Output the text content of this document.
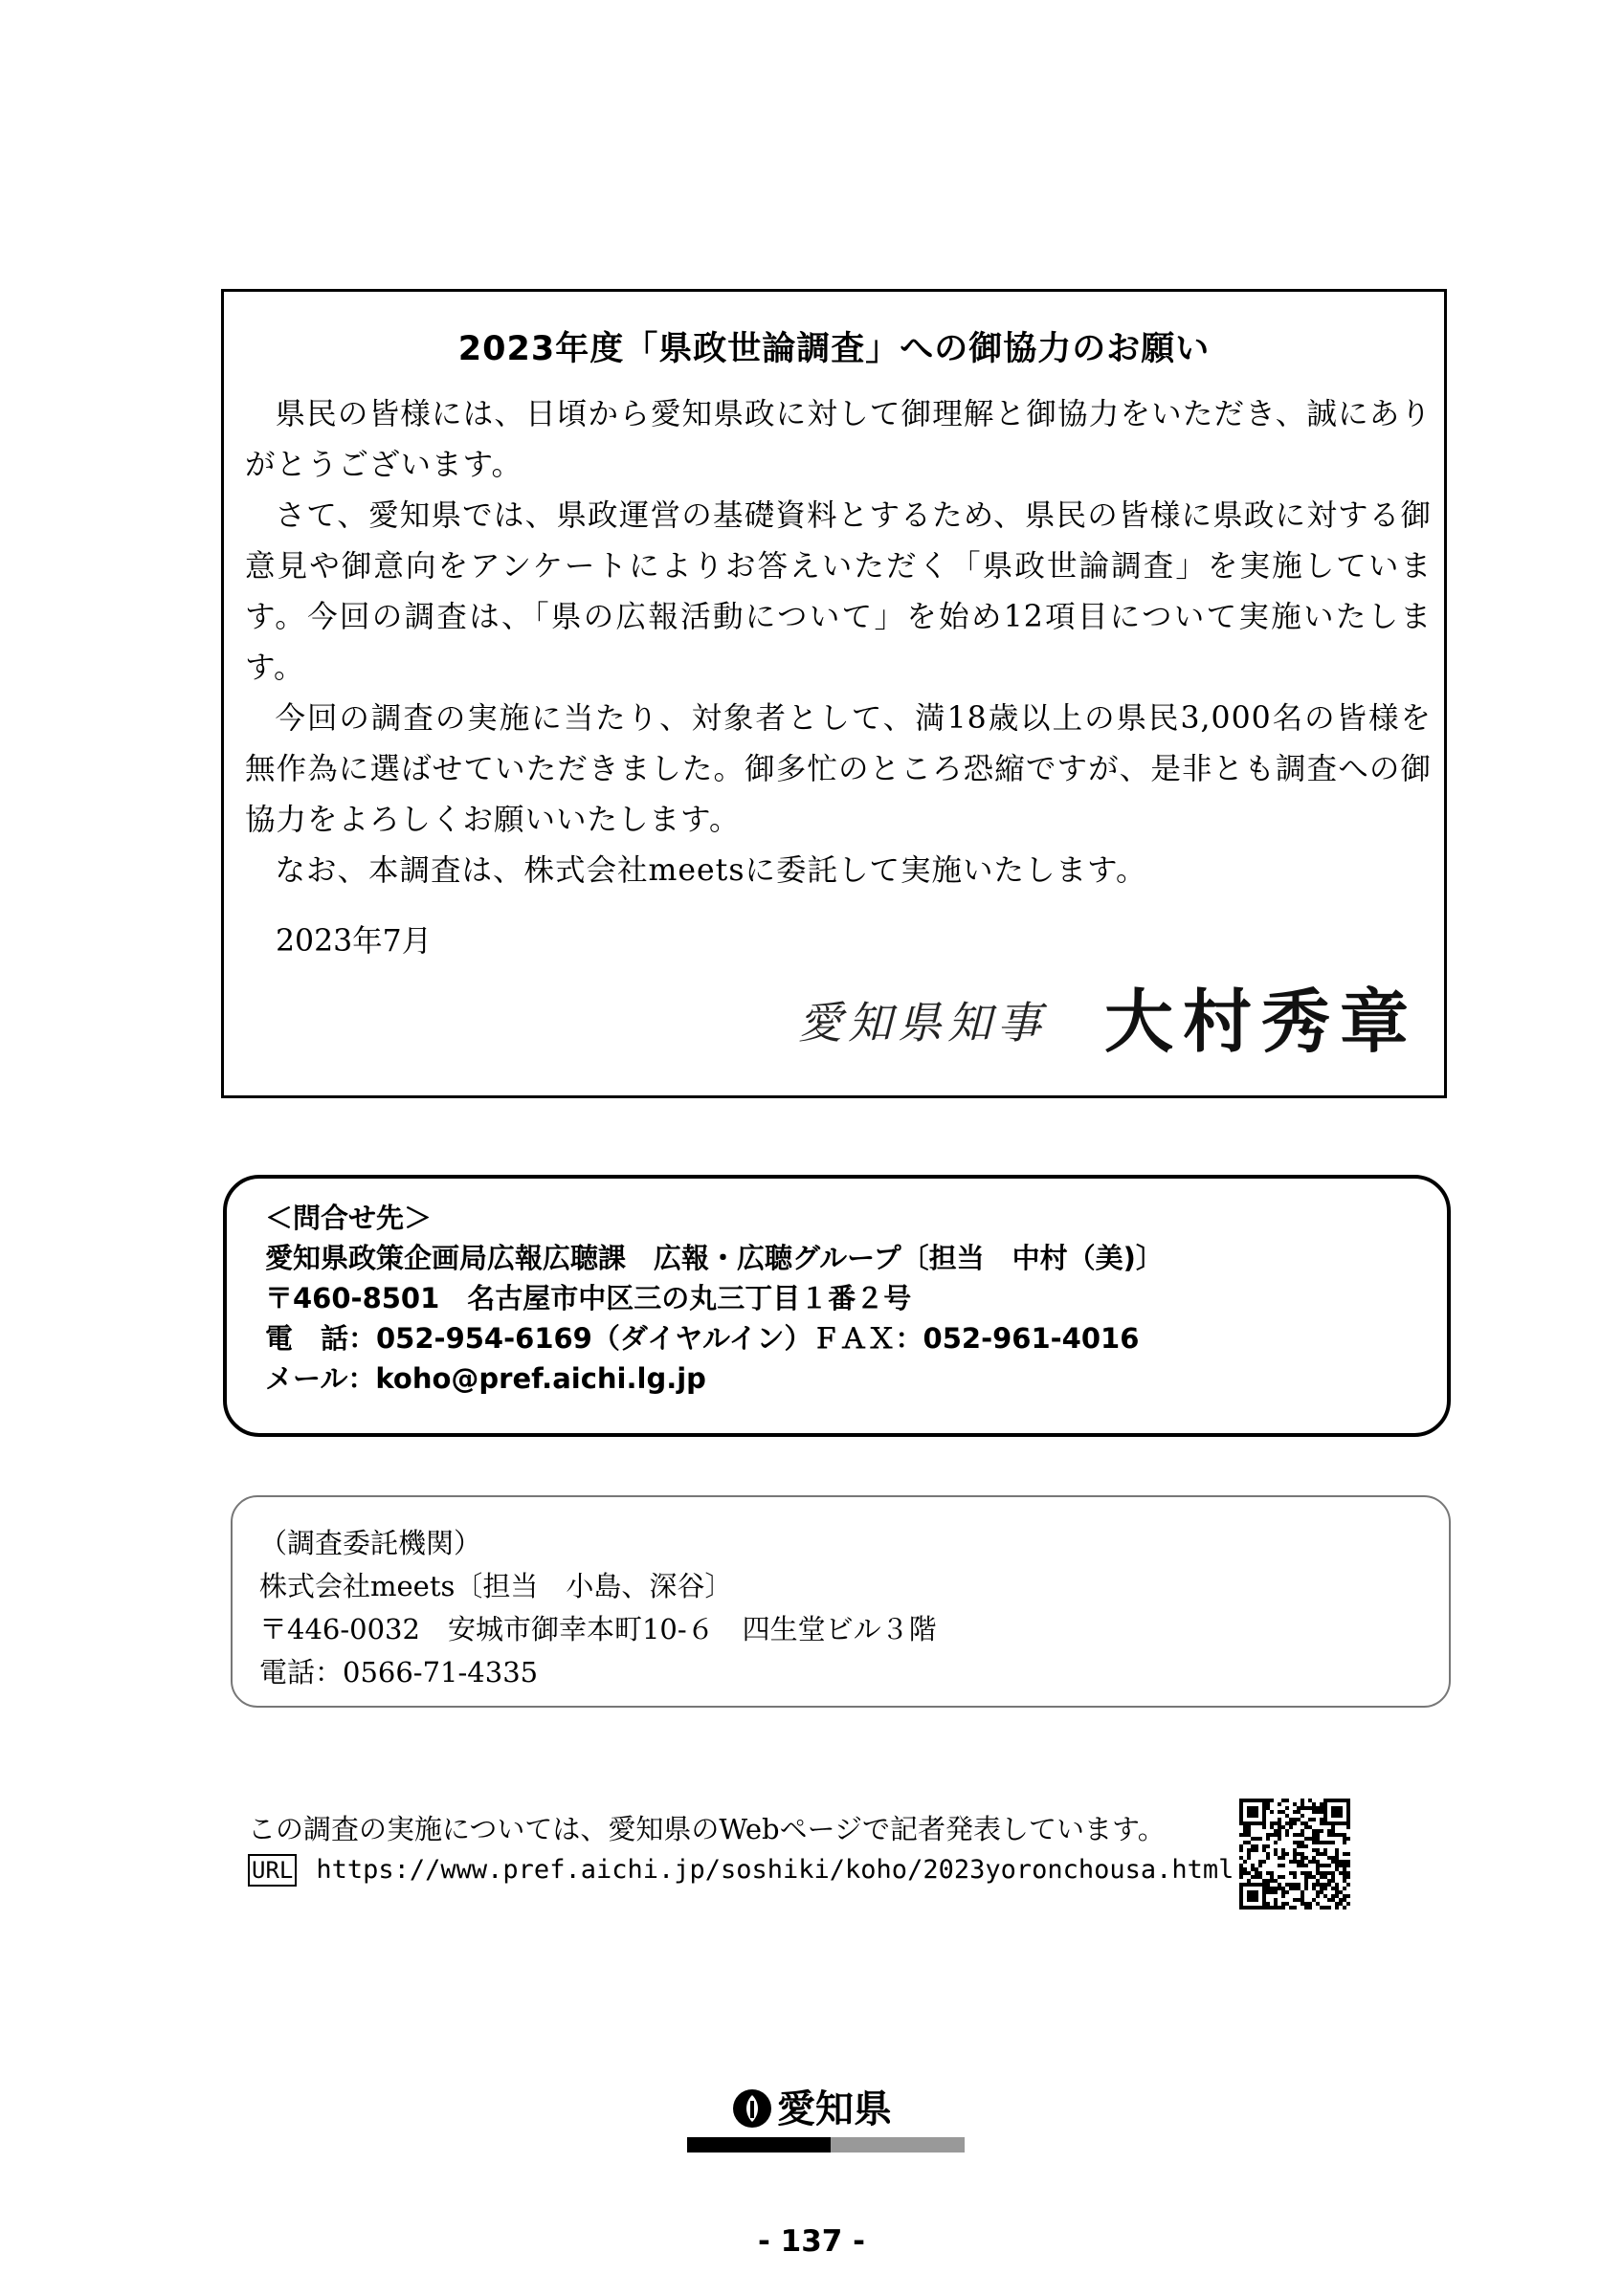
2023年度「県政世論調査」への御協力のお願い

県民の皆様には、日頃から愛知県政に対して御理解と御協力をいただき、誠にありがとうございます。

さて、愛知県では、県政運営の基礎資料とするため、県民の皆様に県政に対する御意見や御意向をアンケートによりお答えいただく「県政世論調査」を実施しています。今回の調査は、「県の広報活動について」を始め12項目について実施いたします。

今回の調査の実施に当たり、対象者として、満18歳以上の県民3,000名の皆様を無作為に選ばせていただきました。御多忙のところ恐縮ですが、是非とも調査への御協力をよろしくお願いいたします。

なお、本調査は、株式会社meetsに委託して実施いたします。

2023年7月
愛知県知事 大村秀章
＜問合せ先＞
愛知県政策企画局広報広聴課　広報・広聴グループ〔担当　中村（美)〕
〒460-8501　名古屋市中区三の丸三丁目１番２号
電　話：052-954-6169（ダイヤルイン）ＦＡＸ：052-961-4016
メール：koho@pref.aichi.lg.jp
（調査委託機関）
株式会社meets〔担当　小島、深谷〕
〒446-0032　安城市御幸本町10-６　四生堂ビル３階
電話：0566-71-4335
この調査の実施については、愛知県のWebページで記者発表しています。
URL https://www.pref.aichi.jp/soshiki/koho/2023yoronchousa.html
愛知県
- 137 -
